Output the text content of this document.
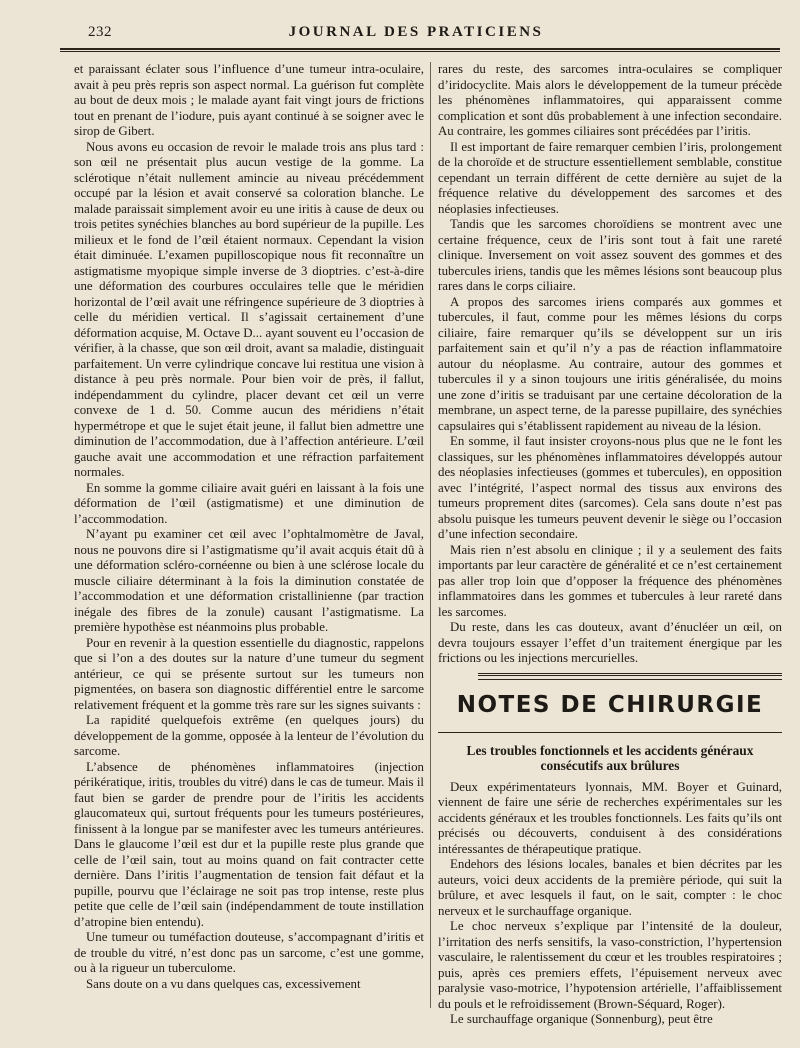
232	JOURNAL DES PRATICIENS

et paraissant éclater sous l’influence d’une tumeur intra-oculaire, avait à peu près repris son aspect normal. La guérison fut complète au bout de deux mois ; le malade ayant fait vingt jours de frictions tout en prenant de l’iodure, puis ayant continué à se soigner avec le sirop de Gibert.

Nous avons eu occasion de revoir le malade trois ans plus tard : son œil ne présentait plus aucun vestige de la gomme. La sclérotique n’était nullement amincie au niveau précédemment occupé par la lésion et avait conservé sa coloration blanche. Le malade paraissait simplement avoir eu une iritis à cause de deux ou trois petites synéchies blanches au bord supérieur de la pupille. Les milieux et le fond de l’œil étaient normaux. Cependant la vision était diminuée. L’examen pupilloscopique nous fit reconnaître un astigmatisme myopique simple inverse de 3 dioptries. c’est-à-dire une déformation des courbures occulaires telle que le méridien horizontal de l’œil avait une réfringence supérieure de 3 dioptries à celle du méridien vertical. Il s’agissait certainement d’une déformation acquise, M. Octave D... ayant souvent eu l’occasion de vérifier, à la chasse, que son œil droit, avant sa maladie, distinguait parfaitement. Un verre cylindrique concave lui restitua une vision à distance à peu près normale. Pour bien voir de près, il fallut, indépendamment du cylindre, placer devant cet œil un verre convexe de 1 d. 50. Comme aucun des méridiens n’était hypermétrope et que le sujet était jeune, il fallut bien admettre une diminution de l’accommodation, due à l’affection antérieure. L’œil gauche avait une accommodation et une réfraction parfaitement normales.

En somme la gomme ciliaire avait guéri en laissant à la fois une déformation de l’œil (astigmatisme) et une diminution de l’accommodation.

N’ayant pu examiner cet œil avec l’ophtalmomètre de Javal, nous ne pouvons dire si l’astigmatisme qu’il avait acquis était dû à une déformation scléro-cornéenne ou bien à une sclérose locale du muscle ciliaire déterminant à la fois la diminution constatée de l’accommodation et une déformation cristallinienne (par traction inégale des fibres de la zonule) causant l’astigmatisme. La première hypothèse est néanmoins plus probable.

Pour en revenir à la question essentielle du diagnostic, rappelons que si l’on a des doutes sur la nature d’une tumeur du segment antérieur, ce qui se présente surtout sur les tumeurs non pigmentées, on basera son diagnostic différentiel entre le sarcome relativement fréquent et la gomme très rare sur les signes suivants :

La rapidité quelquefois extrême (en quelques jours) du développement de la gomme, opposée à la lenteur de l’évolution du sarcome.

L’absence de phénomènes inflammatoires (injection périkératique, iritis, troubles du vitré) dans le cas de tumeur. Mais il faut bien se garder de prendre pour de l’iritis les accidents glaucomateux qui, surtout fréquents pour les tumeurs postérieures, finissent à la longue par se manifester avec les tumeurs antérieures. Dans le glaucome l’œil est dur et la pupille reste plus grande que celle de l’œil sain, tout au moins quand on fait contracter cette dernière. Dans l’iritis l’augmentation de tension fait défaut et la pupille, pourvu que l’éclairage ne soit pas trop intense, reste plus petite que celle de l’œil sain (indépendamment de toute instillation d’atropine bien entendu).

Une tumeur ou tuméfaction douteuse, s’accompagnant d’iritis et de trouble du vitré, n’est donc pas un sarcome, c’est une gomme, ou à la rigueur un tuberculome.

Sans doute on a vu dans quelques cas, excessivement

rares du reste, des sarcomes intra-oculaires se compliquer d’iridocyclite. Mais alors le développement de la tumeur précède les phénomènes inflammatoires, qui apparaissent comme complication et sont dûs probablement à une infection secondaire. Au contraire, les gommes ciliaires sont précédées par l’iritis.

Il est important de faire remarquer cembien l’iris, prolongement de la choroïde et de structure essentiellement semblable, constitue cependant un terrain différent de cette dernière au sujet de la fréquence relative du développement des sarcomes et des néoplasies infectieuses.

Tandis que les sarcomes choroïdiens se montrent avec une certaine fréquence, ceux de l’iris sont tout à fait une rareté clinique. Inversement on voit assez souvent des gommes et des tubercules iriens, tandis que les mêmes lésions sont beaucoup plus rares dans le corps ciliaire.

A propos des sarcomes iriens comparés aux gommes et tubercules, il faut, comme pour les mêmes lésions du corps ciliaire, faire remarquer qu’ils se développent sur un iris parfaitement sain et qu’il n’y a pas de réaction inflammatoire autour du néoplasme. Au contraire, autour des gommes et tubercules il y a sinon toujours une iritis généralisée, du moins une zone d’iritis se traduisant par une certaine décoloration de la membrane, un aspect terne, de la paresse pupillaire, des synéchies capsulaires qui s’établissent rapidement au niveau de la lésion.

En somme, il faut insister croyons-nous plus que ne le font les classiques, sur les phénomènes inflammatoires développés autour des néoplasies infectieuses (gommes et tubercules), en opposition avec l’intégrité, l’aspect normal des tissus aux environs des tumeurs proprement dites (sarcomes). Cela sans doute n’est pas absolu puisque les tumeurs peuvent devenir le siège ou l’occasion d’une infection secondaire.

Mais rien n’est absolu en clinique ; il y a seulement des faits importants par leur caractère de généralité et ce n’est certainement pas aller trop loin que d’opposer la fréquence des phénomènes inflammatoires dans les gommes et tubercules à leur rareté dans les sarcomes.

Du reste, dans les cas douteux, avant d’énucléer un œil, on devra toujours essayer l’effet d’un traitement énergique par les frictions ou les injections mercurielles.

NOTES DE CHIRURGIE
Les troubles fonctionnels et les accidents généraux
consécutifs aux brûlures

Deux expérimentateurs lyonnais, MM. Boyer et Guinard, viennent de faire une série de recherches expérimentales sur les accidents généraux et les troubles fonctionnels. Les faits qu’ils ont précisés ou découverts, conduisent à des considérations intéressantes de thérapeutique pratique.

Endehors des lésions locales, banales et bien décrites par les auteurs, voici deux accidents de la première période, qui suit la brûlure, et avec lesquels il faut, on le sait, compter : le choc nerveux et le surchauffage organique.

Le choc nerveux s’explique par l’intensité de la douleur, l’irritation des nerfs sensitifs, la vaso-constriction, l’hypertension vasculaire, le ralentissement du cœur et les troubles respiratoires ; puis, après ces premiers effets, l’épuisement nerveux avec paralysie vaso-motrice, l’hypotension artérielle, l’affaiblissement du pouls et le refroidissement (Brown-Séquard, Roger).

Le surchauffage organique (Sonnenburg), peut être
